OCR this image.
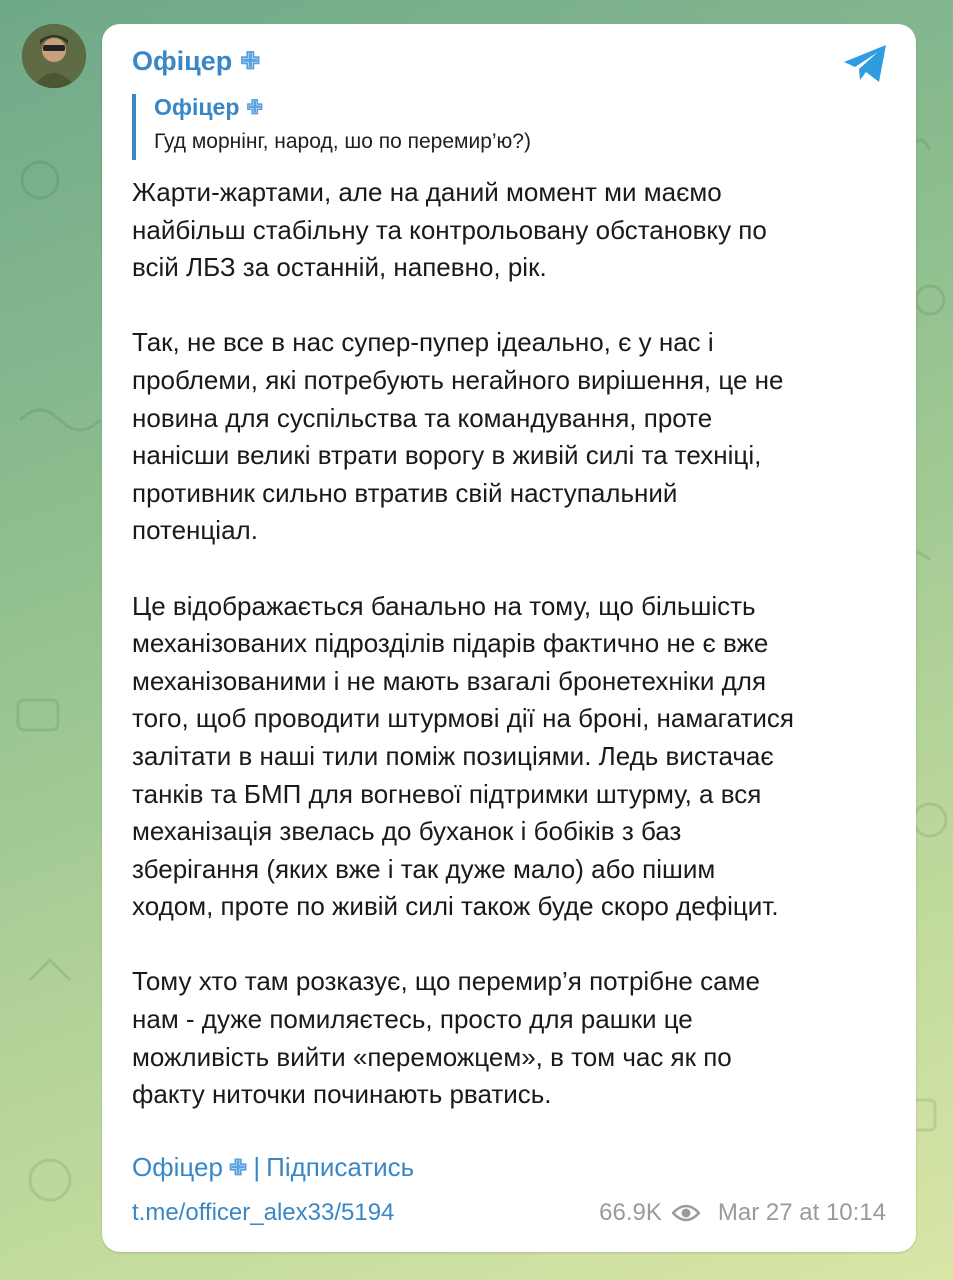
Офіцер ✙
Офіцер ✙
Гуд морнінг, народ, шо по перемир’ю?)

Жарти-жартами, але на даний момент ми маємо
найбільш стабільну та контрольовану обстановку по
всій ЛБЗ за останній, напевно, рік.

Так, не все в нас супер-пупер ідеально, є у нас і
проблеми, які потребують негайного вирішення, це не
новина для суспільства та командування, проте
нанісши великі втрати ворогу в живій силі та техніці,
противник сильно втратив свій наступальний
потенціал.

Це відображається банально на тому, що більшість
механізованих підрозділів підарів фактично не є вже
механізованими і не мають взагалі бронетехніки для
того, щоб проводити штурмові дії на броні, намагатися
залітати в наші тили поміж позиціями. Ледь вистачає
танків та БМП для вогневої підтримки штурму, а вся
механізація звелась до буханок і бобіків з баз
зберігання (яких вже і так дуже мало) або пішим
ходом, проте по живій силі також буде скоро дефіцит.

Тому хто там розказує, що перемир’я потрібне саме
нам - дуже помиляєтесь, просто для рашки це
можливість вийти «переможцем», в том час як по
факту ниточки починають рватись.

Офіцер ✙ | Підписатись
t.me/officer_alex33/5194	66.9K Mar 27 at 10:14
